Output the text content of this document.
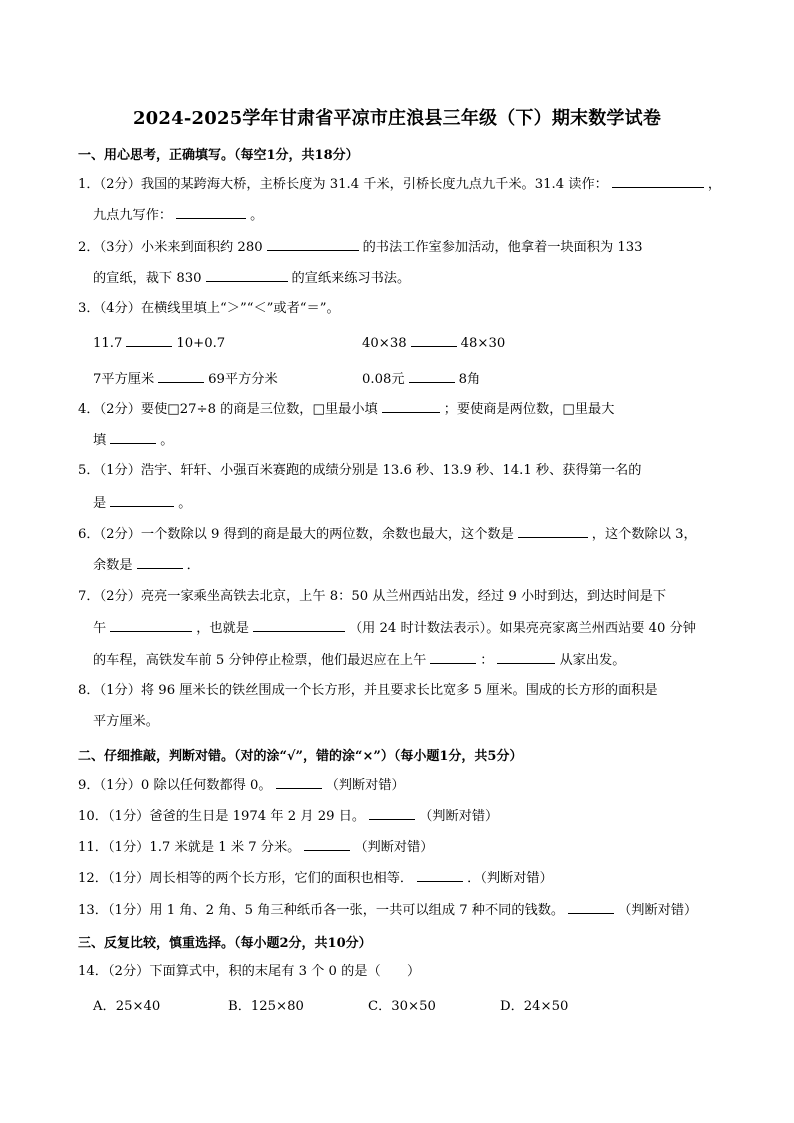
2024-2025学年甘肃省平凉市庄浪县三年级（下）期末数学试卷
一、用心思考，正确填写。（每空1分，共18分）
1．（2分）我国的某跨海大桥，主桥长度为 31.4 千米，引桥长度九点九千米。31.4 读作：	，
九点九写作：	。
2．（3分）小米来到面积约 280	的书法工作室参加活动，他拿着一块面积为 133
的宣纸，裁下 830	的宣纸来练习书法。
3．（4分）在横线里填上“＞”“＜”或者“＝”。
11.7	10+0.7	40×38	48×30
7平方厘米	69平方分米	0.08元	8角
4．（2分）要使□27÷8 的商是三位数，□里最小填	；要使商是两位数，□里最大
填	。
5．（1分）浩宇、轩轩、小强百米赛跑的成绩分别是 13.6 秒、13.9 秒、14.1 秒、获得第一名的
是	。
6．（2分）一个数除以 9 得到的商是最大的两位数，余数也最大，这个数是	，这个数除以 3，
余数是	．
7．（2分）亮亮一家乘坐高铁去北京，上午 8：50 从兰州西站出发，经过 9 小时到达，到达时间是下
午	，也就是	（用 24 时计数法表示）。如果亮亮家离兰州西站要 40 分钟
的车程，高铁发车前 5 分钟停止检票，他们最迟应在上午	：	从家出发。
8．（1分）将 96 厘米长的铁丝围成一个长方形，并且要求长比宽多 5 厘米。围成的长方形的面积是
平方厘米。
二、仔细推敲，判断对错。（对的涂“√”，错的涂“×”）（每小题1分，共5分）
9．（1分）0 除以任何数都得 0。	（判断对错）
10．（1分）爸爸的生日是 1974 年 2 月 29 日。	（判断对错）
11．（1分）1.7 米就是 1 米 7 分米。	（判断对错）
12．（1分）周长相等的两个长方形，它们的面积也相等．	．（判断对错）
13．（1分）用 1 角、2 角、5 角三种纸币各一张，一共可以组成 7 种不同的钱数。	（判断对错）
三、反复比较，慎重选择。（每小题2分，共10分）
14．（2分）下面算式中，积的末尾有 3 个 0 的是（　　）
A．25×40	B．125×80	C．30×50	D．24×50
